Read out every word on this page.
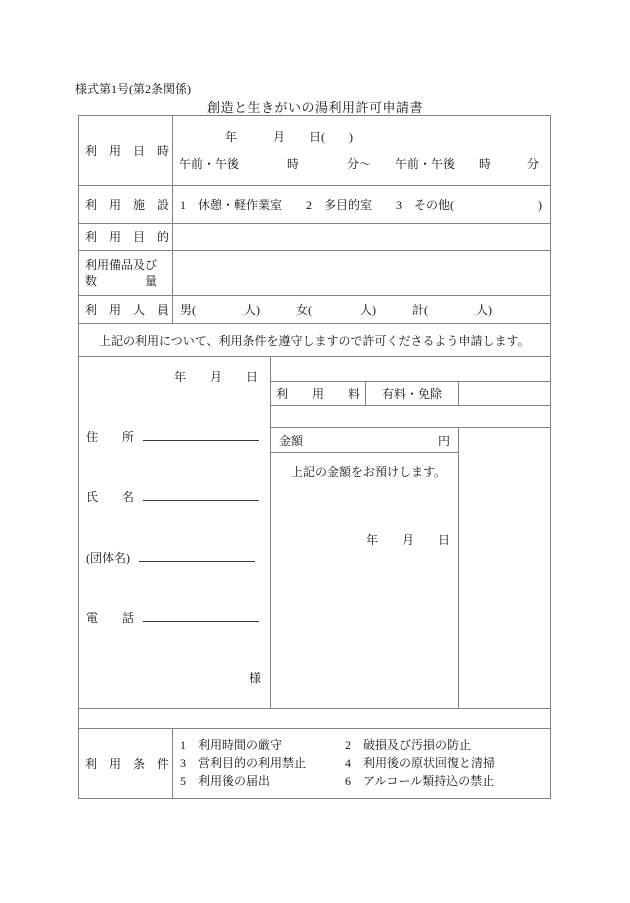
様式第1号(第2条関係)
創造と生きがいの湯利用許可申請書
利　用　日　時
年　　　月　　日(　　)
午前・午後　　　　時　　　　分〜　　午前・午後　　時　　　分
利　用　施　設 1　休憩・軽作業室　　2　多目的室　　3　その他(　　　　　　　)
利　用　目　的
利用備品及び
数　　　　量
利　用　人　員 男(　　　　人)　　　女(　　　　人)　　　計(　　　　人)
　上記の利用について、利用条件を遵守しますので許可くださるよう申請します。
年　　月　　日
住　　所
氏　　名
(団体名)
電　　話
様
利　　用　　料	有料・免除
金額	円
上記の金額をお預けします。
年　　月　　日
利　用　条　件
1　利用時間の厳守	2　破損及び汚損の防止
3　営利目的の利用禁止	4　利用後の原状回復と清掃
5　利用後の届出	6　アルコール類持込の禁止
